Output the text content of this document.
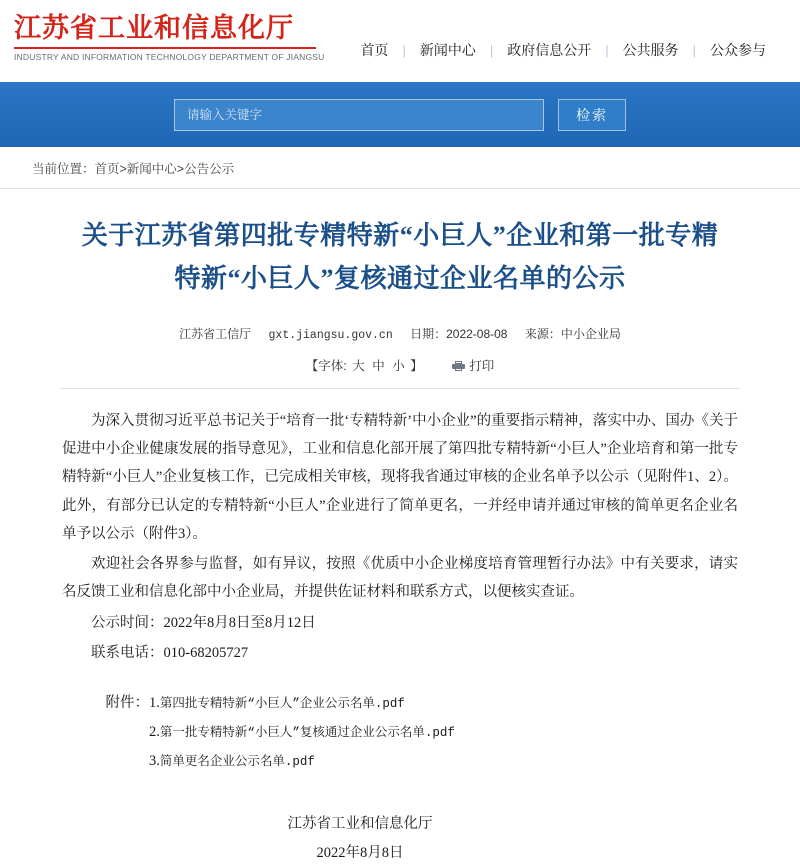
江苏省工业和信息化厅
INDUSTRY AND INFORMATION TECHNOLOGY DEPARTMENT OF JIANGSU	首页	|	新闻中心	|	政府信息公开	|	公共服务	|	公众参与
请输入关键字
检索
当前位置：首页>新闻中心>公告公示
关于江苏省第四批专精特新“小巨人”企业和第一批专精特新“小巨人”复核通过企业名单的公示
江苏省工信厅 gxt.jiangsu.gov.cn 日期：2022-08-08 来源：中小企业局
【字体: 大 中 小 】	打印

为深入贯彻习近平总书记关于“培育一批‘专精特新’中小企业”的重要指示精神，落实中办、国办《关于促进中小企业健康发展的指导意见》，工业和信息化部开展了第四批专精特新“小巨人”企业培育和第一批专精特新“小巨人”企业复核工作，已完成相关审核，现将我省通过审核的企业名单予以公示（见附件1、2）。此外，有部分已认定的专精特新“小巨人”企业进行了简单更名，一并经申请并通过审核的简单更名企业名单予以公示（附件3）。

欢迎社会各界参与监督，如有异议，按照《优质中小企业梯度培育管理暂行办法》中有关要求，请实名反馈工业和信息化部中小企业局，并提供佐证材料和联系方式，以便核实查证。

公示时间：2022年8月8日至8月12日

联系电话：010-68205727

附件：1.第四批专精特新“小巨人”企业公示名单.pdf
2.第一批专精特新“小巨人”复核通过企业公示名单.pdf
3.简单更名企业公示名单.pdf
江苏省工业和信息化厅
2022年8月8日
